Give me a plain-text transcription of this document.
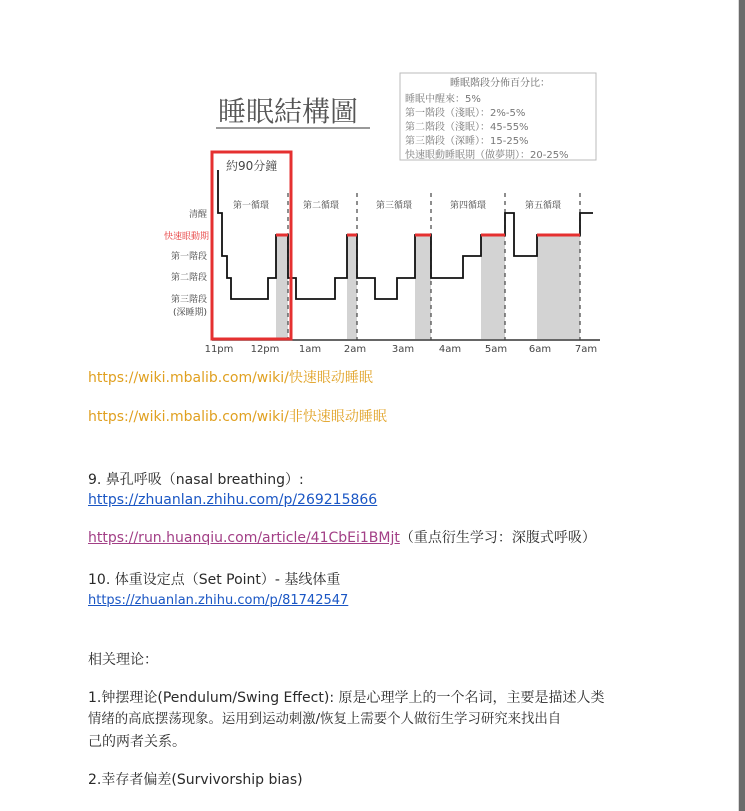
睡眠結構圖
睡眠階段分佈百分比：
睡眠中醒來：5%
第一階段（淺眠）：2%-5%
第二階段（淺眠）：45-55%
第三階段（深睡）：15-25%
快速眼動睡眠期（做夢期）：20-25%
約90分鐘
第一循環	第二循環	第三循環	第四循環	第五循環
清醒
快速眼動期
第一階段
第二階段
第三階段
(深睡期)
11pm 12pm 1am 2am	3am 4am 5am 6am 7am
https://wiki.mbalib.com/wiki/快速眼动睡眠
https://wiki.mbalib.com/wiki/非快速眼动睡眠
9. 鼻孔呼吸（nasal breathing）:
https://zhuanlan.zhihu.com/p/269215866
https://run.huanqiu.com/article/41CbEi1BMjt（重点衍生学习：深腹式呼吸）
10. 体重设定点（Set Point）- 基线体重
https://zhuanlan.zhihu.com/p/81742547
相关理论：
1.钟摆理论(Pendulum/Swing Effect): 原是心理学上的一个名词，主要是描述人类
情绪的高底摆荡现象。运用到运动刺激/恢复上需要个人做衍生学习研究来找出自
己的两者关系。
2.幸存者偏差(Survivorship bias)
